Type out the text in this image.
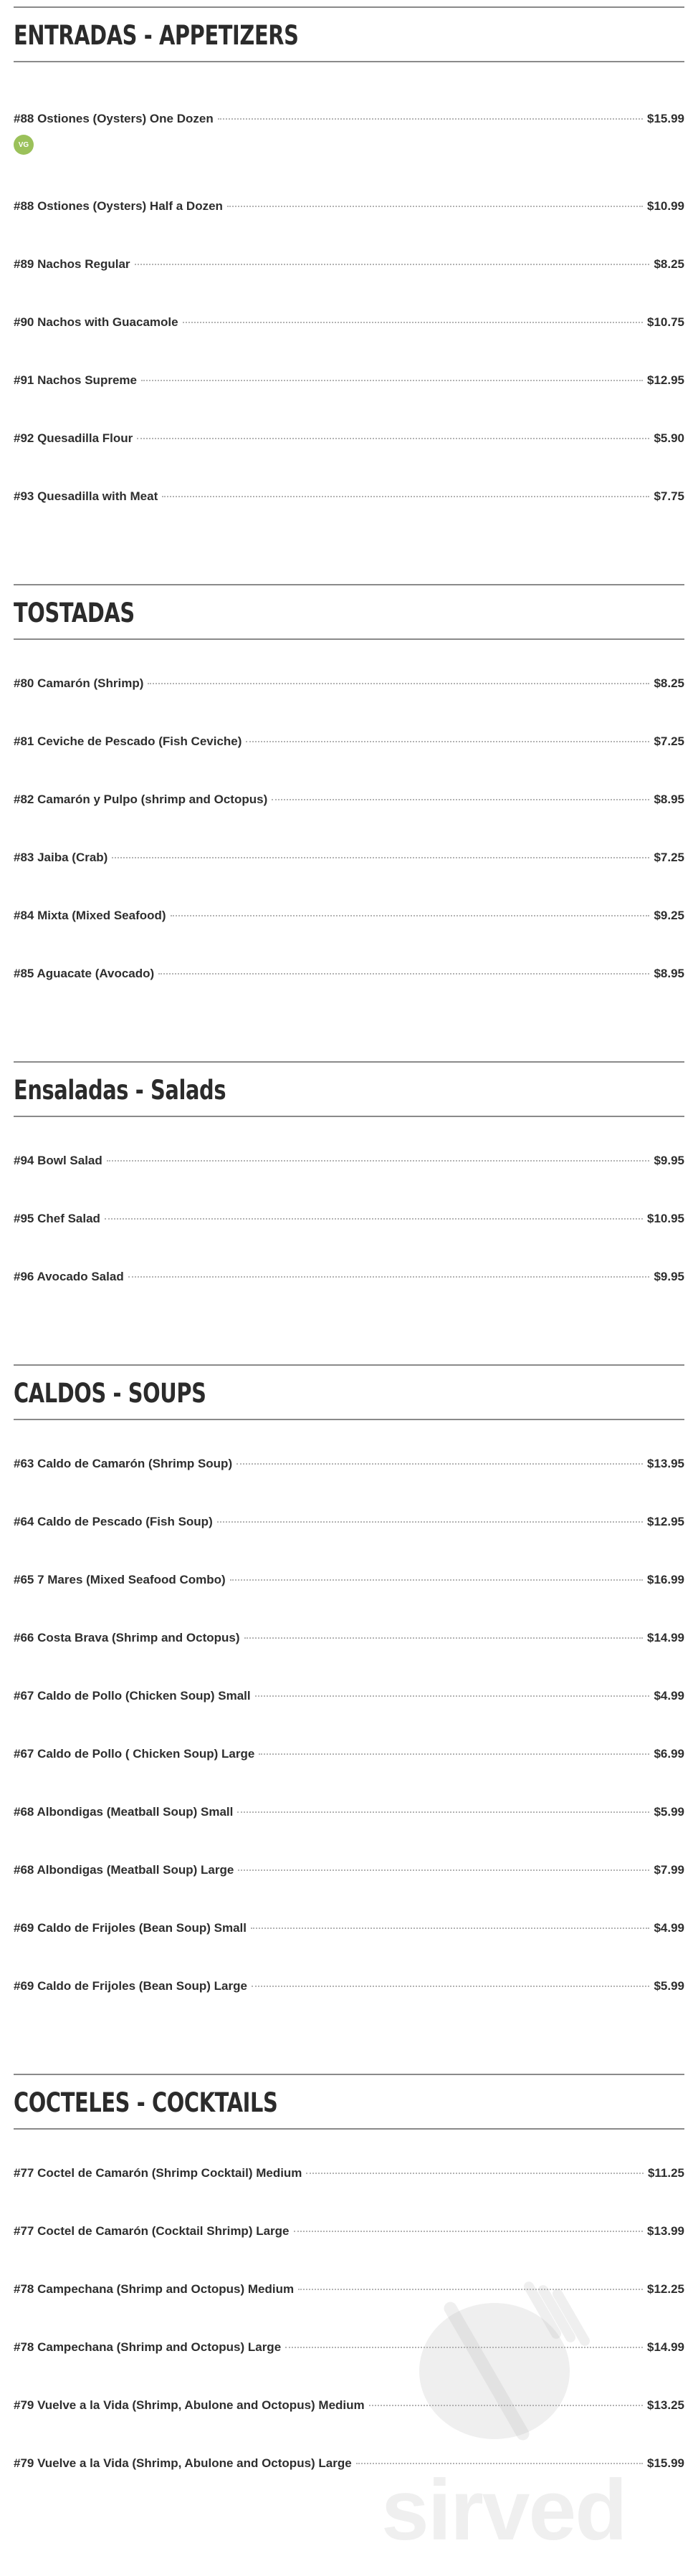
ENTRADAS - APPETIZERS
#88 Ostiones (Oysters) One Dozen	$15.99
VG
#88 Ostiones (Oysters) Half a Dozen	$10.99
#89 Nachos Regular	$8.25
#90 Nachos with Guacamole	$10.75
#91 Nachos Supreme	$12.95
#92 Quesadilla Flour	$5.90
#93 Quesadilla with Meat	$7.75
TOSTADAS
#80 Camarón (Shrimp)	$8.25
#81 Ceviche de Pescado (Fish Ceviche)	$7.25
#82 Camarón y Pulpo (shrimp and Octopus)	$8.95
#83 Jaiba (Crab)	$7.25
#84 Mixta (Mixed Seafood)	$9.25
#85 Aguacate (Avocado)	$8.95
Ensaladas - Salads
#94 Bowl Salad	$9.95
#95 Chef Salad	$10.95
#96 Avocado Salad	$9.95
CALDOS - SOUPS
#63 Caldo de Camarón (Shrimp Soup)	$13.95
#64 Caldo de Pescado (Fish Soup)	$12.95
#65 7 Mares (Mixed Seafood Combo)	$16.99
#66 Costa Brava (Shrimp and Octopus)	$14.99
#67 Caldo de Pollo (Chicken Soup) Small	$4.99
#67 Caldo de Pollo ( Chicken Soup) Large	$6.99
#68 Albondigas (Meatball Soup) Small	$5.99
#68 Albondigas (Meatball Soup) Large	$7.99
#69 Caldo de Frijoles (Bean Soup) Small	$4.99
#69 Caldo de Frijoles (Bean Soup) Large	$5.99
COCTELES - COCKTAILS
#77 Coctel de Camarón (Shrimp Cocktail) Medium	$11.25
#77 Coctel de Camarón (Cocktail Shrimp) Large	$13.99
#78 Campechana (Shrimp and Octopus) Medium	$12.25
#78 Campechana (Shrimp and Octopus) Large	$14.99
#79 Vuelve a la Vida (Shrimp, Abulone and Octopus) Medium	$13.25
#79 Vuelve a la Vida (Shrimp, Abulone and Octopus) Large	$15.99
sirved
